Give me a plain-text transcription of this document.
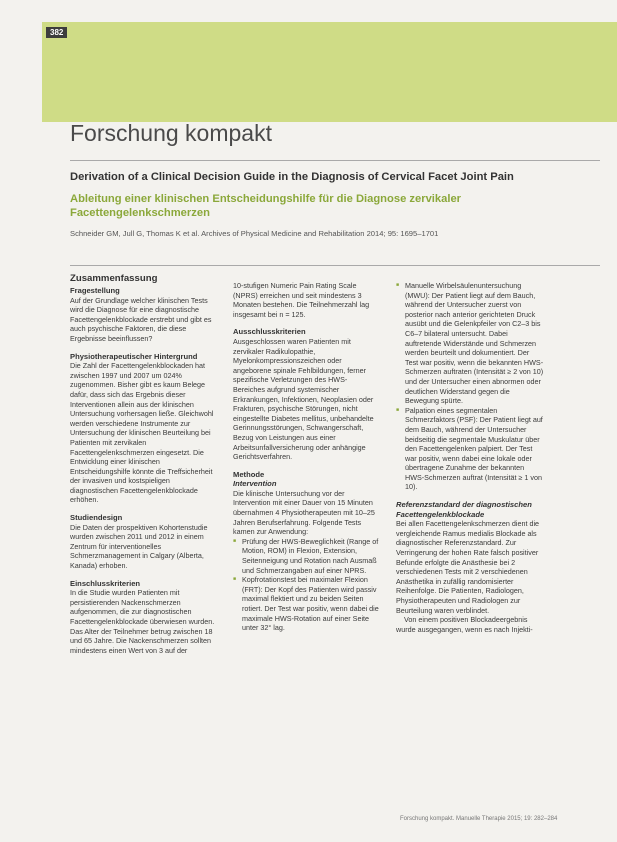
382
Forschung kompakt
Derivation of a Clinical Decision Guide in the Diagnosis of Cervical Facet Joint Pain
Ableitung einer klinischen Entscheidungshilfe für die Diagnose zervikaler Facettengelenkschmerzen
Schneider GM, Jull G, Thomas K et al. Archives of Physical Medicine and Rehabilitation 2014; 95: 1695–1701
Zusammenfassung
Fragestellung

Auf der Grundlage welcher klinischen Tests wird die Diagnose für eine diagnostische Facettengelenkblockade erstrebt und gibt es auch psychische Faktoren, die diese Ergebnisse beeinflussen?

Physiotherapeutischer Hintergrund

Die Zahl der Facettengelenkblockaden hat zwischen 1997 und 2007 um 024% zugenommen. Bisher gibt es kaum Belege dafür, dass sich das Ergebnis dieser Interventionen allein aus der klinischen Untersuchung vorhersagen ließe. Gleichwohl werden verschiedene Instrumente zur Untersuchung der klinischen Beurteilung bei Patienten mit zervikalen Facettengelenkschmerzen eingesetzt. Die Entwicklung einer klinischen Entscheidungshilfe könnte die Treffsicherheit der invasiven und kostspieligen diagnostischen Facettengelenkblockade erhöhen.

Studiendesign

Die Daten der prospektiven Kohortenstudie wurden zwischen 2011 und 2012 in einem Zentrum für interventionelles Schmerzmanagement in Calgary (Alberta, Kanada) erhoben.

Einschlusskriterien

In die Studie wurden Patienten mit persistierenden Nackenschmerzen aufgenommen, die zur diagnostischen Facettengelenkblockade überwiesen wurden. Das Alter der Teilnehmer betrug zwischen 18 und 65 Jahre. Die Nackenschmerzen sollten mindestens einen Wert von 3 auf der

10-stufigen Numeric Pain Rating Scale (NPRS) erreichen und seit mindestens 3 Monaten bestehen. Die Teilnehmerzahl lag insgesamt bei n = 125.

Ausschlusskriterien

Ausgeschlossen waren Patienten mit zervikaler Radikulopathie, Myelonkompressionszeichen oder angeborene spinale Fehlbildungen, ferner spezifische Verletzungen des HWS-Bereiches aufgrund systemischer Erkrankungen, Infektionen, Neoplasien oder Frakturen, psychische Störungen, nicht eingestellte Diabetes mellitus, unbehandelte Gerinnungsstörungen, Schwangerschaft, Bezug von Leistungen aus einer Arbeitsunfallversicherung oder anhängige Gerichtsverfahren.

Methode
Intervention

Die klinische Untersuchung vor der Intervention mit einer Dauer von 15 Minuten übernahmen 4 Physiotherapeuten mit 10–25 Jahren Berufserfahrung. Folgende Tests kamen zur Anwendung:

■ Prüfung der HWS-Beweglichkeit (Range of Motion, ROM) in Flexion, Extension, Seitenneigung und Rotation nach Ausmaß und Schmerzangaben auf einer NPRS.
■ Kopfrotationstest bei maximaler Flexion (FRT): Der Kopf des Patienten wird passiv maximal flektiert und zu beiden Seiten rotiert. Der Test war positiv, wenn dabei die maximale HWS-Rotation auf einer Seite unter 32° lag.
■ Manuelle Wirbelsäulenuntersuchung (MWU): Der Patient liegt auf dem Bauch, während der Untersucher zuerst von posterior nach anterior gerichteten Druck ausübt und die Gelenkpfeiler von C2–3 bis C6–7 bilateral untersucht. Dabei auftretende Widerstände und Schmerzen werden beurteilt und dokumentiert. Der Test war positiv, wenn die bekannten HWS-Schmerzen auftraten (Intensität ≥ 2 von 10) und der Untersucher einen abnormen oder deutlichen Widerstand gegen die Bewegung spürte.
■ Palpation eines segmentalen Schmerzfaktors (PSF): Der Patient liegt auf dem Bauch, während der Untersucher beidseitig die segmentale Muskulatur über den Facettengelenken palpiert. Der Test war positiv, wenn dabei eine lokale oder übertragene Zunahme der bekannten HWS-Schmerzen auftrat (Intensität ≥ 1 von 10).
Referenzstandard der diagnostischen Facettengelenkblockade

Bei allen Facettengelenkschmerzen dient die vergleichende Ramus medialis Blockade als diagnostischer Referenzstandard. Zur Verringerung der hohen Rate falsch positiver Befunde erfolgte die Anästhesie bei 2 verschiedenen Tests mit 2 verschiedenen Anästhetika in zufällig randomisierter Reihenfolge. Die Patienten, Radiologen, Physiotherapeuten und Radiologen zur Beurteilung waren verblindet.

Von einem positiven Blockadeergebnis wurde ausgegangen, wenn es nach Injekti-

Forschung kompakt. Manuelle Therapie 2015; 19: 282–284
